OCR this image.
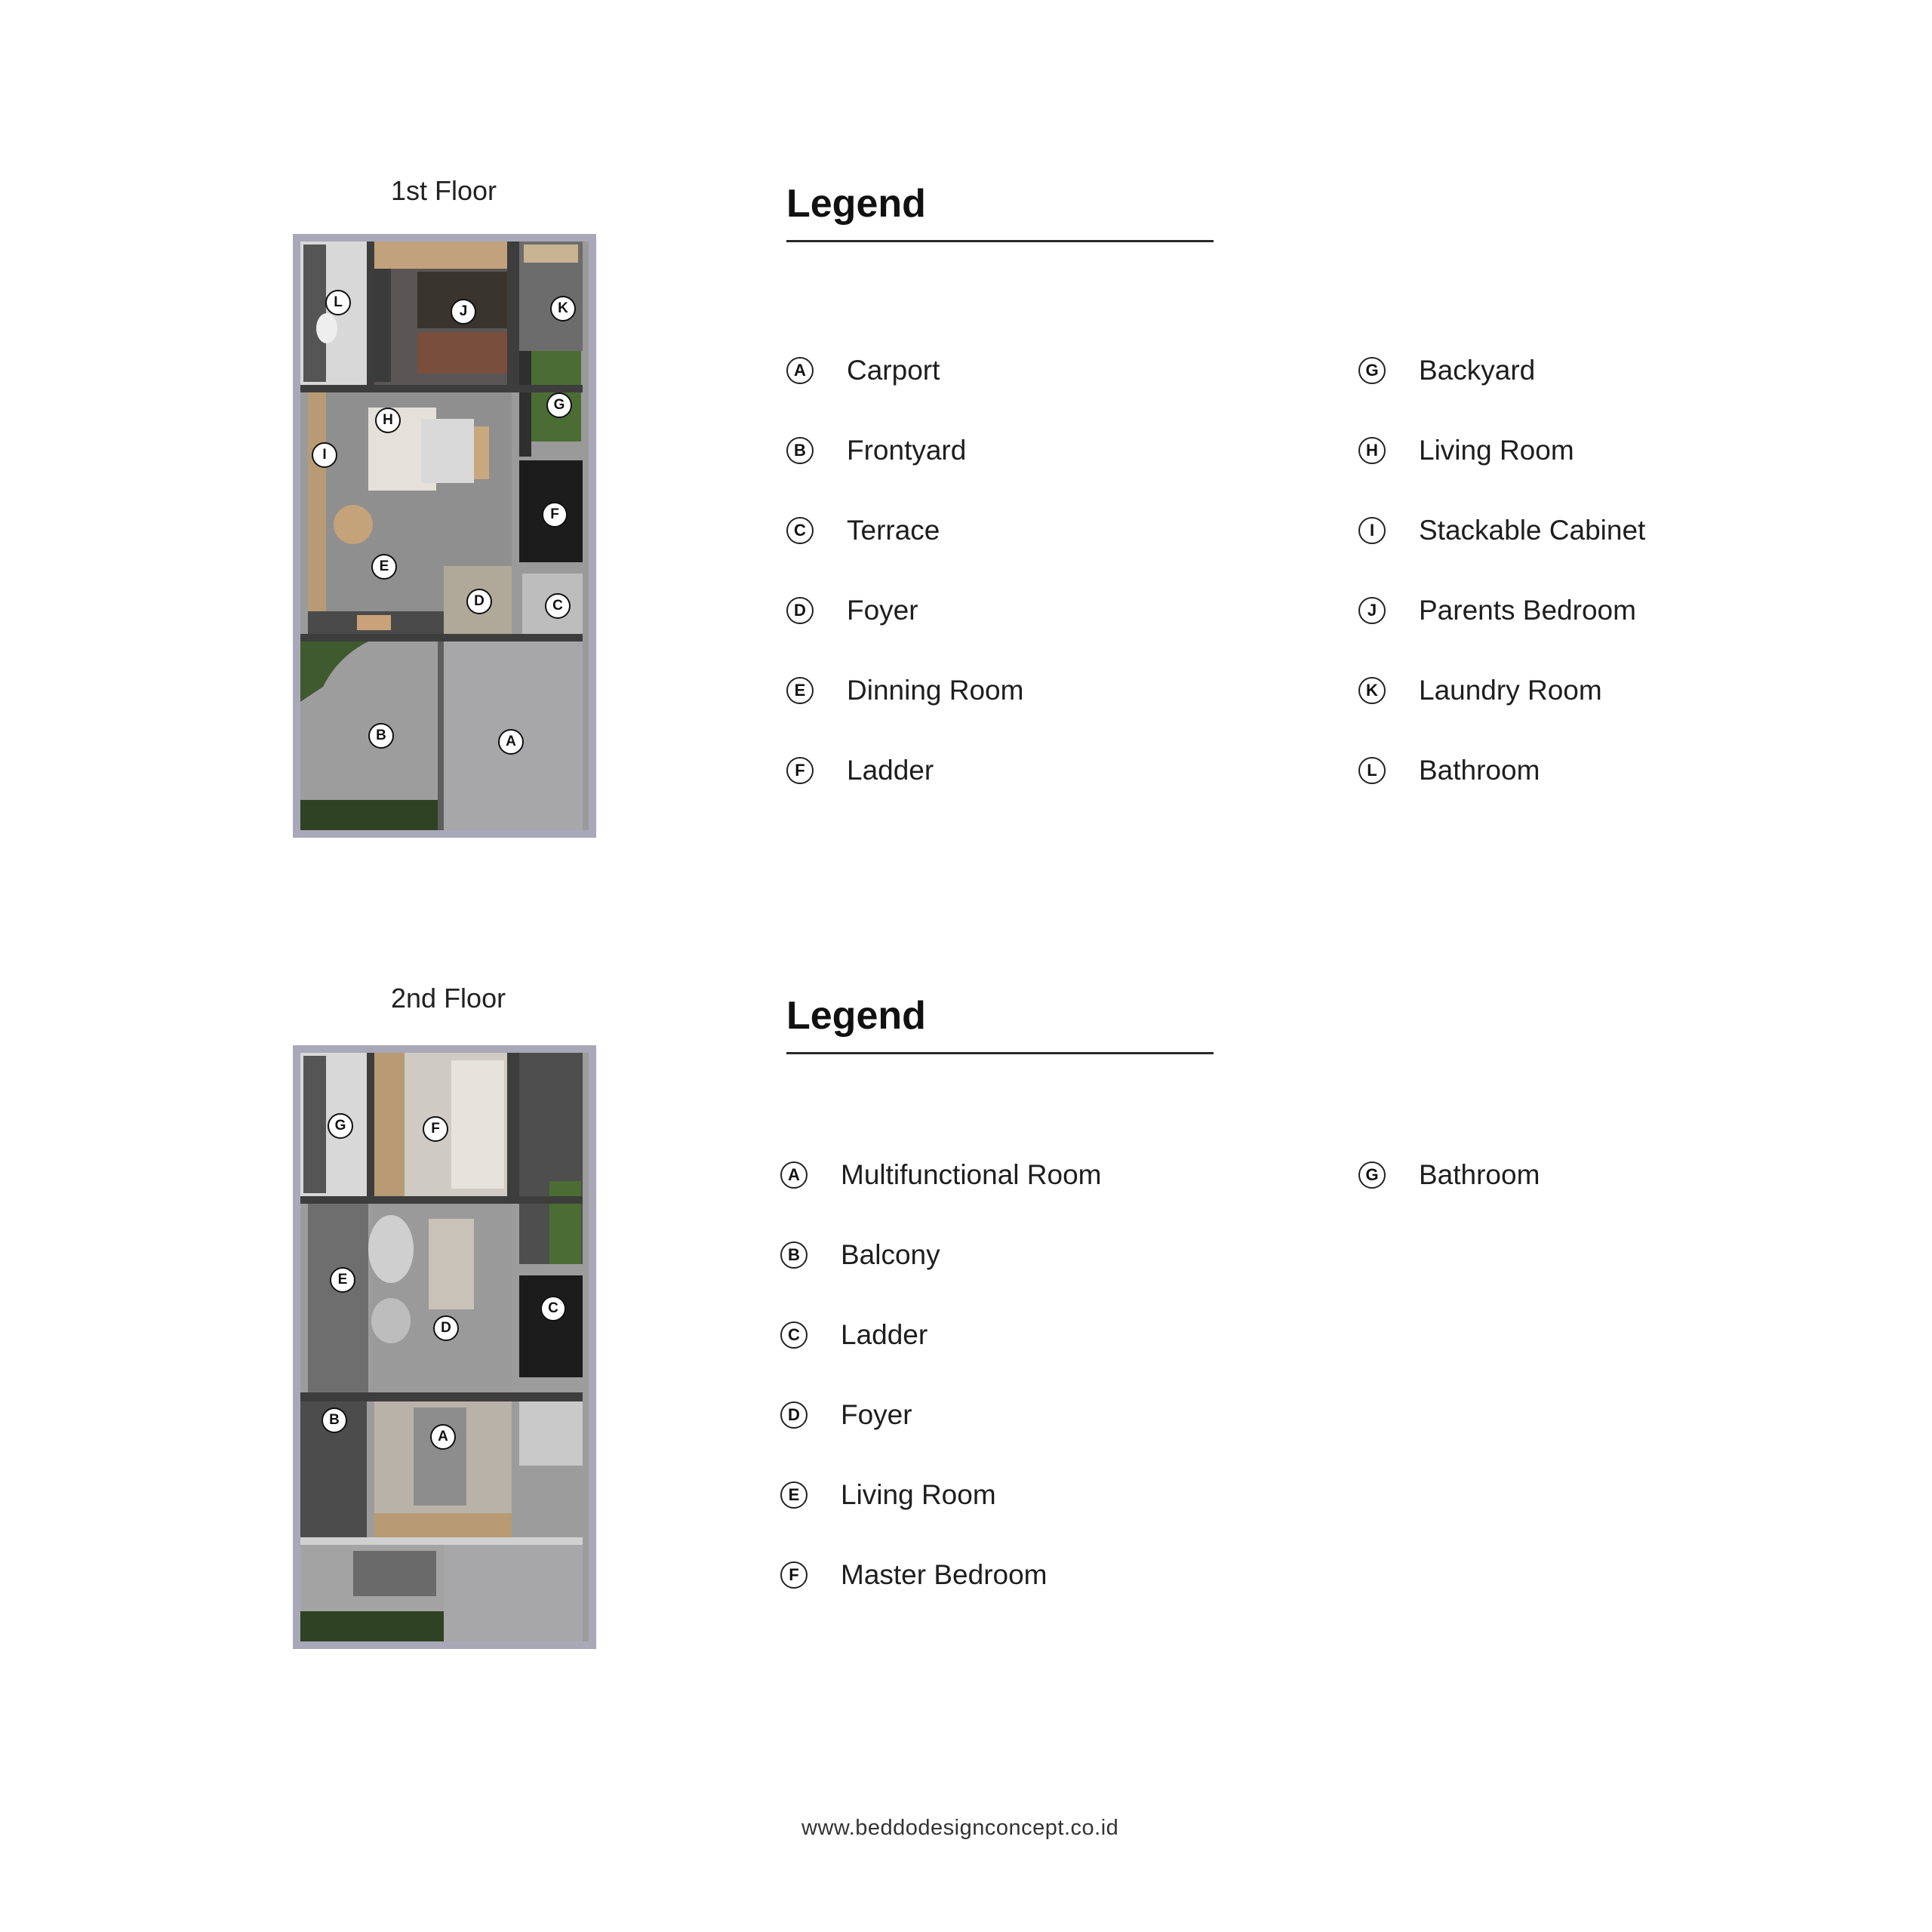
1st Floor
L
J	K
G
H
I
F
E
D	C
B	A
Legend
A Carport
B Frontyard
C Terrace
D Foyer
E Dinning Room
F	Ladder
G Backyard
H Living Room
I	Stackable Cabinet
J	Parents Bedroom
K Laundry Room
L	Bathroom
2nd Floor
G	F
E
C
D
B
A
Legend
A Multifunctional Room
B Balcony
C Ladder
D Foyer
E Living Room
F	Master Bedroom
G Bathroom
www.beddodesignconcept.co.id
